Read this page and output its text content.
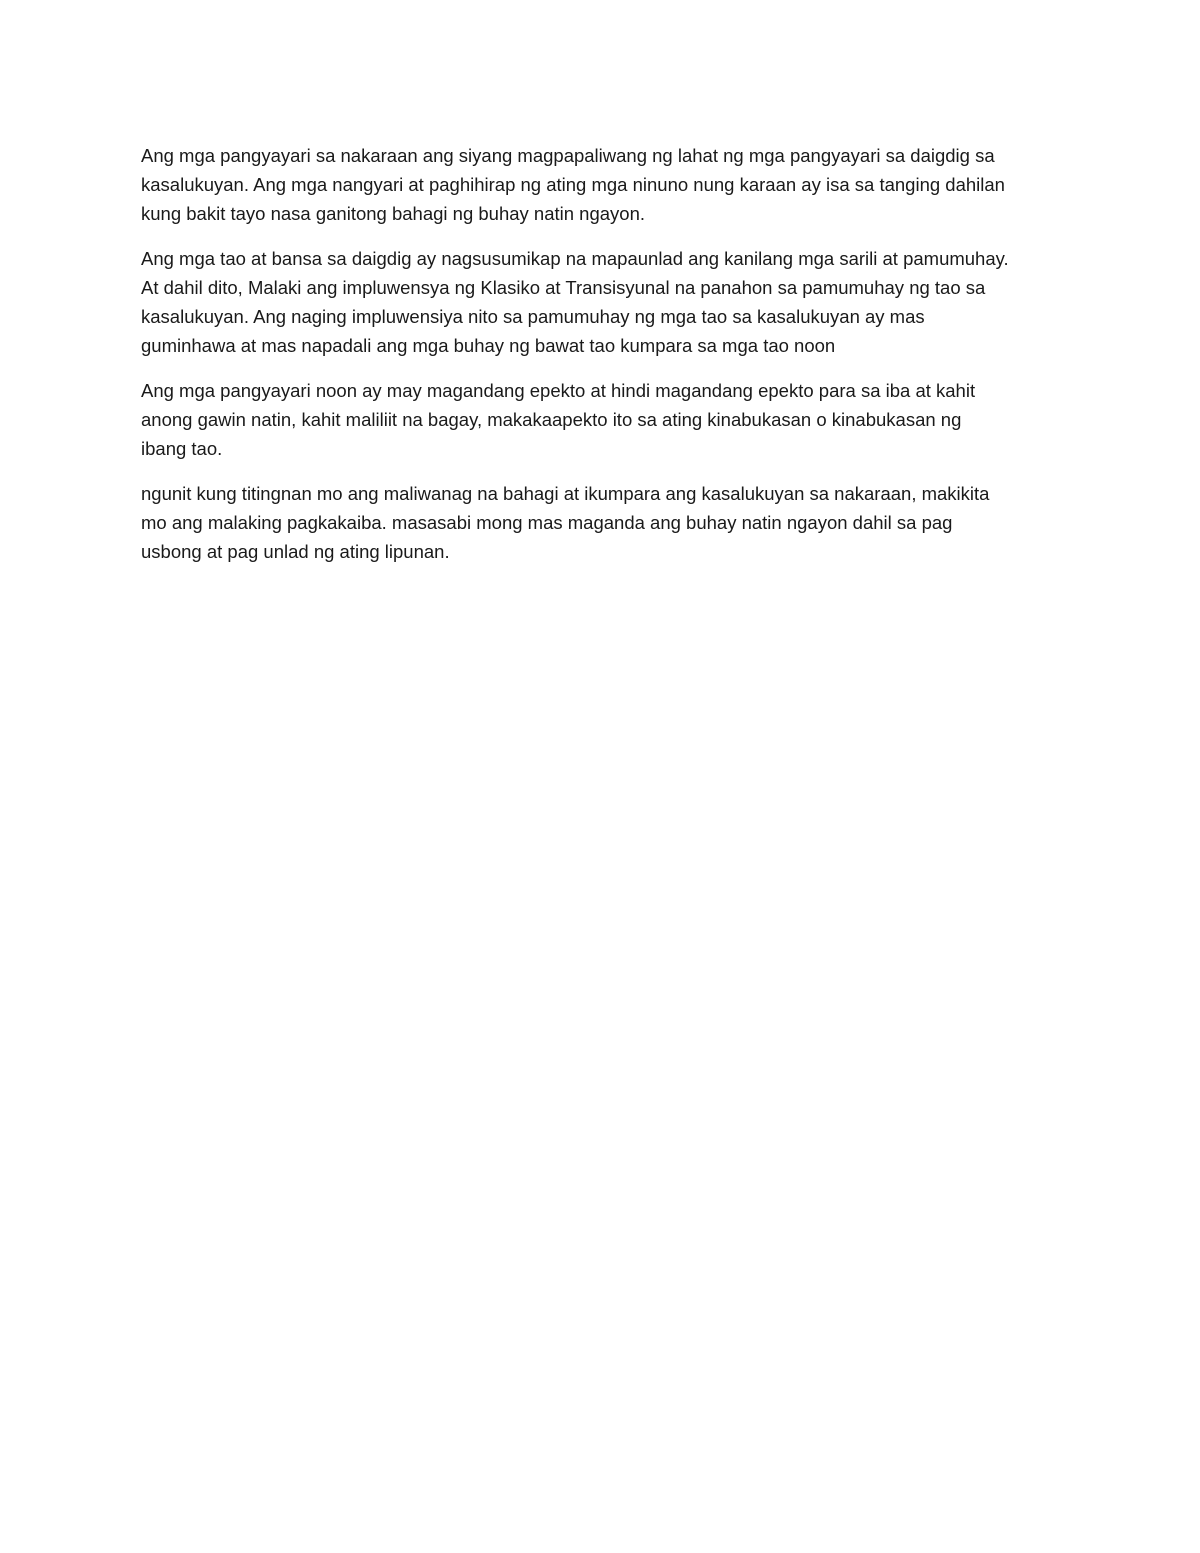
Ang mga pangyayari sa nakaraan ang siyang magpapaliwang ng lahat ng mga pangyayari sa daigdig sa
kasalukuyan. Ang mga nangyari at paghihirap ng ating mga ninuno nung karaan ay isa sa tanging dahilan
kung bakit tayo nasa ganitong bahagi ng buhay natin ngayon.

Ang mga tao at bansa sa daigdig ay nagsusumikap na mapaunlad ang kanilang mga sarili at pamumuhay.
At dahil dito, Malaki ang impluwensya ng Klasiko at Transisyunal na panahon sa pamumuhay ng tao sa
kasalukuyan. Ang naging impluwensiya nito sa pamumuhay ng mga tao sa kasalukuyan ay mas
guminhawa at mas napadali ang mga buhay ng bawat tao kumpara sa mga tao noon

Ang mga pangyayari noon ay may magandang epekto at hindi magandang epekto para sa iba at kahit
anong gawin natin, kahit maliliit na bagay, makakaapekto ito sa ating kinabukasan o kinabukasan ng
ibang tao.

ngunit kung titingnan mo ang maliwanag na bahagi at ikumpara ang kasalukuyan sa nakaraan, makikita
mo ang malaking pagkakaiba. masasabi mong mas maganda ang buhay natin ngayon dahil sa pag
usbong at pag unlad ng ating lipunan.
